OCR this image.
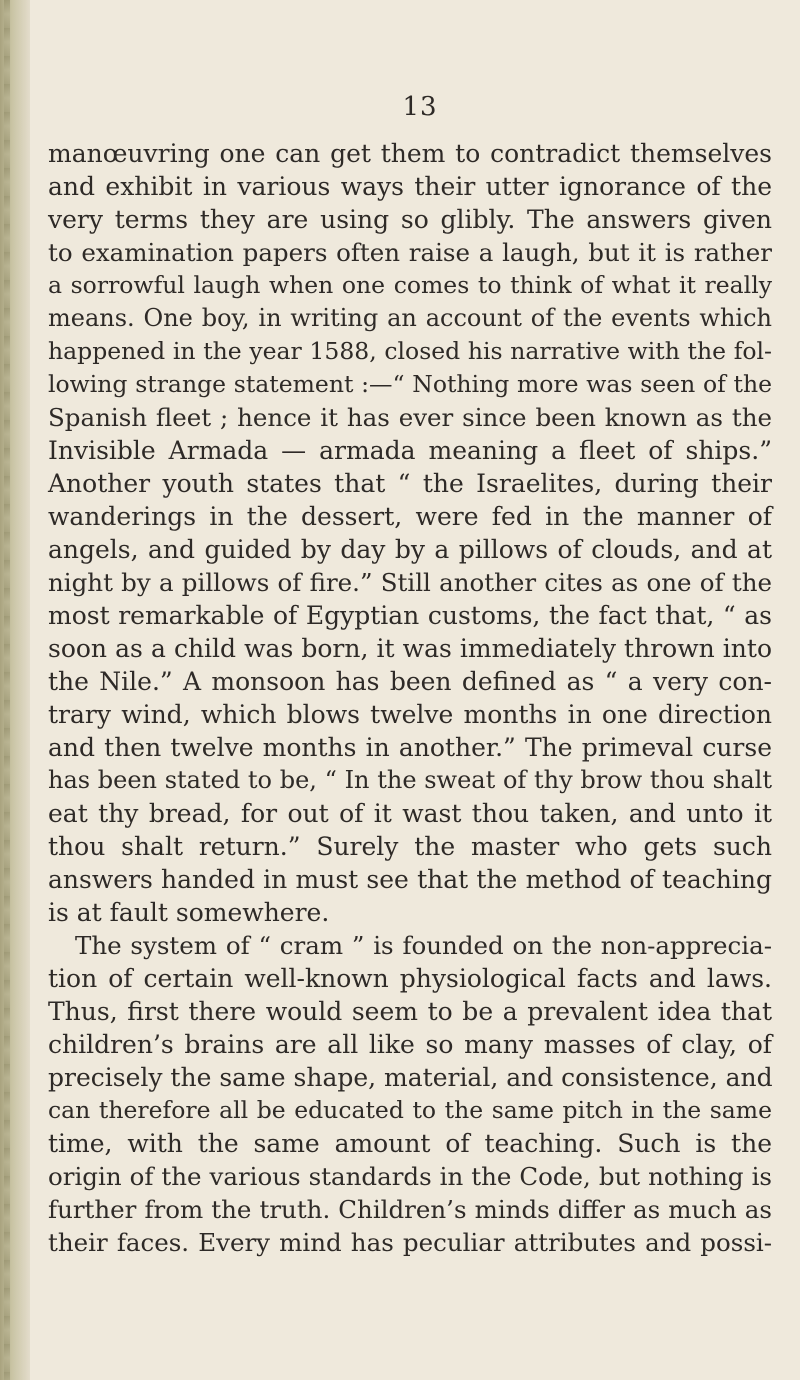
13
manœuvring one can get them to contradict themselves
and exhibit in various ways their utter ignorance of the
very terms they are using so glibly. The answers given
to examination papers often raise a laugh, but it is rather
a sorrowful laugh when one comes to think of what it really
means. One boy, in writing an account of the events which
happened in the year 1588, closed his narrative with the fol-
lowing strange statement :—“ Nothing more was seen of the
Spanish fleet ; hence it has ever since been known as the
Invisible Armada — armada meaning a fleet of ships.”
Another youth states that “ the Israelites, during their
wanderings in the dessert, were fed in the manner of
angels, and guided by day by a pillows of clouds, and at
night by a pillows of fire.” Still another cites as one of the
most remarkable of Egyptian customs, the fact that, “ as
soon as a child was born, it was immediately thrown into
the Nile.” A monsoon has been defined as “ a very con-
trary wind, which blows twelve months in one direction
and then twelve months in another.” The primeval curse
has been stated to be, “ In the sweat of thy brow thou shalt
eat thy bread, for out of it wast thou taken, and unto it
thou shalt return.” Surely the master who gets such
answers handed in must see that the method of teaching
is at fault somewhere.
The system of “ cram ” is founded on the non-apprecia-
tion of certain well-known physiological facts and laws.
Thus, first there would seem to be a prevalent idea that
children’s brains are all like so many masses of clay, of
precisely the same shape, material, and consistence, and
can therefore all be educated to the same pitch in the same
time, with the same amount of teaching. Such is the
origin of the various standards in the Code, but nothing is
further from the truth. Children’s minds differ as much as
their faces. Every mind has peculiar attributes and possi-
